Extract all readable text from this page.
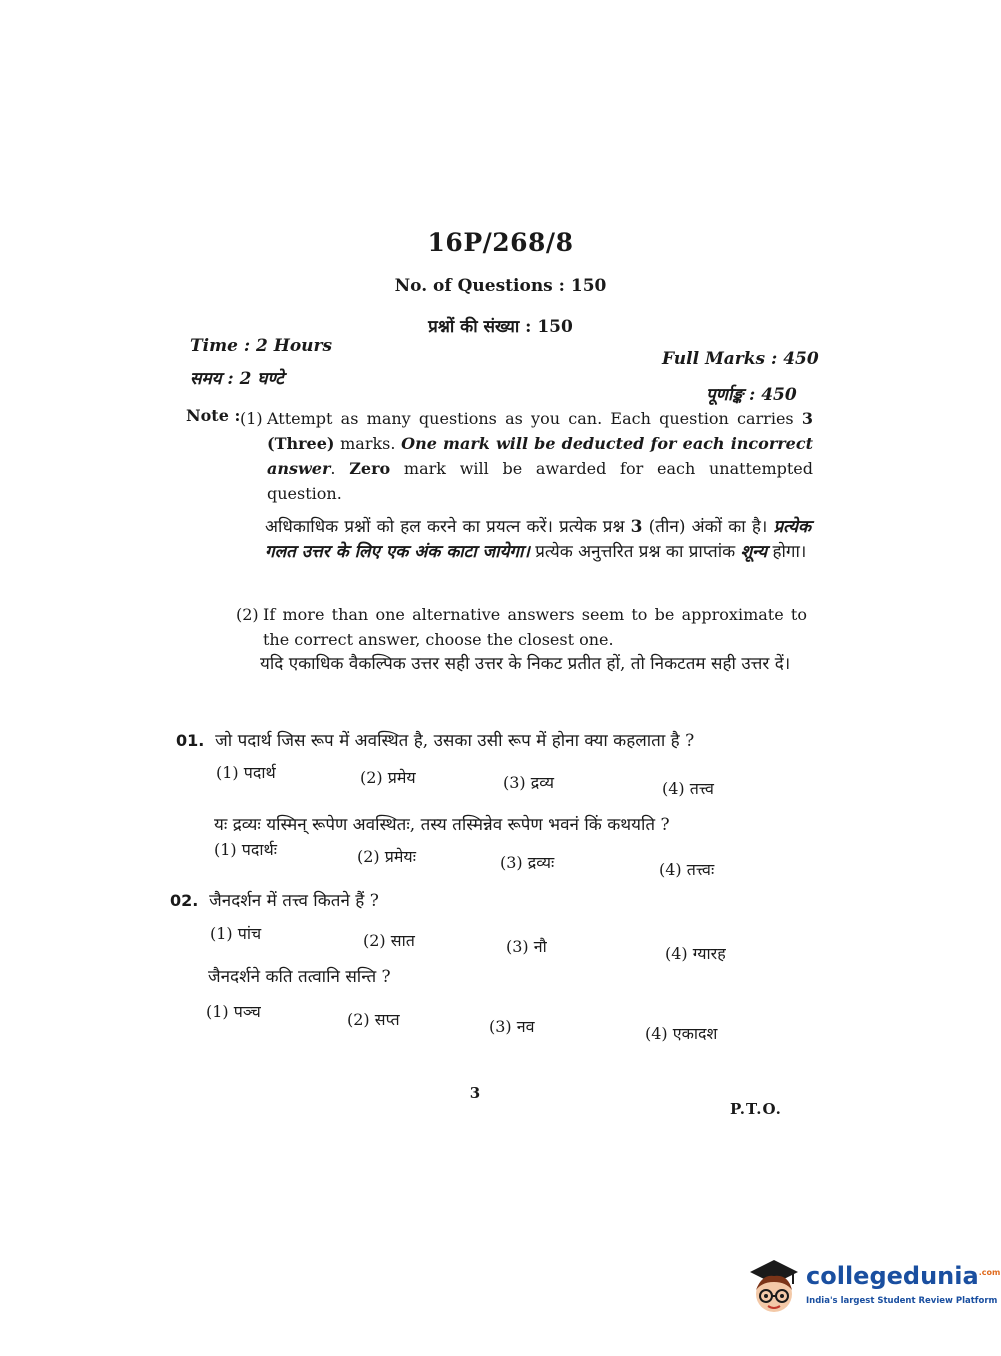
16P/268/8
No. of Questions : 150
प्रश्नों की संख्या : 150
Time : 2 Hours
समय : 2 घण्टे
Full Marks : 450
पूर्णाङ्क : 450
Note : (1) Attempt as many questions as you can. Each question carries 3 (Three) marks. One mark will be deducted for each incorrect answer. Zero mark will be awarded for each unattempted question.
अधिकाधिक प्रश्नों को हल करने का प्रयत्न करें। प्रत्येक प्रश्न 3 (तीन) अंकों का है। प्रत्येक गलत उत्तर के लिए एक अंक काटा जायेगा। प्रत्येक अनुत्तरित प्रश्न का प्राप्तांक शून्य होगा।
(2) If more than one alternative answers seem to be approximate to the correct answer, choose the closest one.
यदि एकाधिक वैकल्पिक उत्तर सही उत्तर के निकट प्रतीत हों, तो निकटतम सही उत्तर दें।
01. जो पदार्थ जिस रूप में अवस्थित है, उसका उसी रूप में होना क्या कहलाता है ?
(1) पदार्थ	(2) प्रमेय	(3) द्रव्य	(4) तत्त्व
यः द्रव्यः यस्मिन् रूपेण अवस्थितः, तस्य तस्मिन्नेव रूपेण भवनं किं कथयति ?
(1) पदार्थः	(2) प्रमेयः	(3) द्रव्यः	(4) तत्त्वः
02. जैनदर्शन में तत्त्व कितने हैं ?
(1) पांच	(2) सात	(3) नौ	(4) ग्यारह
जैनदर्शने कति तत्वानि सन्ति ?
(1) पञ्च	(2) सप्त	(3) नव	(4) एकादश
3
P.T.O.
collegedunia$^{.com}$
India's largest Student Review Platform
